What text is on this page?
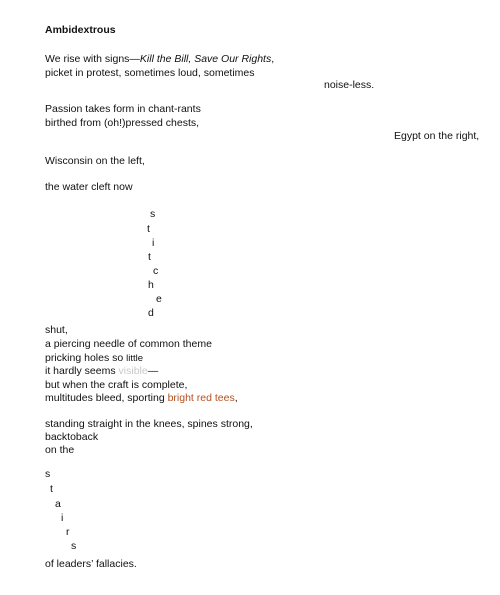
Ambidextrous
We rise with signs—Kill the Bill, Save Our Rights,
picket in protest, sometimes loud, sometimes
noise-less.
Passion takes form in chant-rants
birthed from (oh!)pressed chests,
Egypt on the right,
Wisconsin on the left,
the water cleft now
s
t
i
t
c
h
e
d
shut,
a piercing needle of common theme
pricking holes so little
it hardly seems visible—
but when the craft is complete,
multitudes bleed, sporting bright red tees,
standing straight in the knees, spines strong,
backtoback
on the
s
t
a
i
r
s
of leaders’ fallacies.
